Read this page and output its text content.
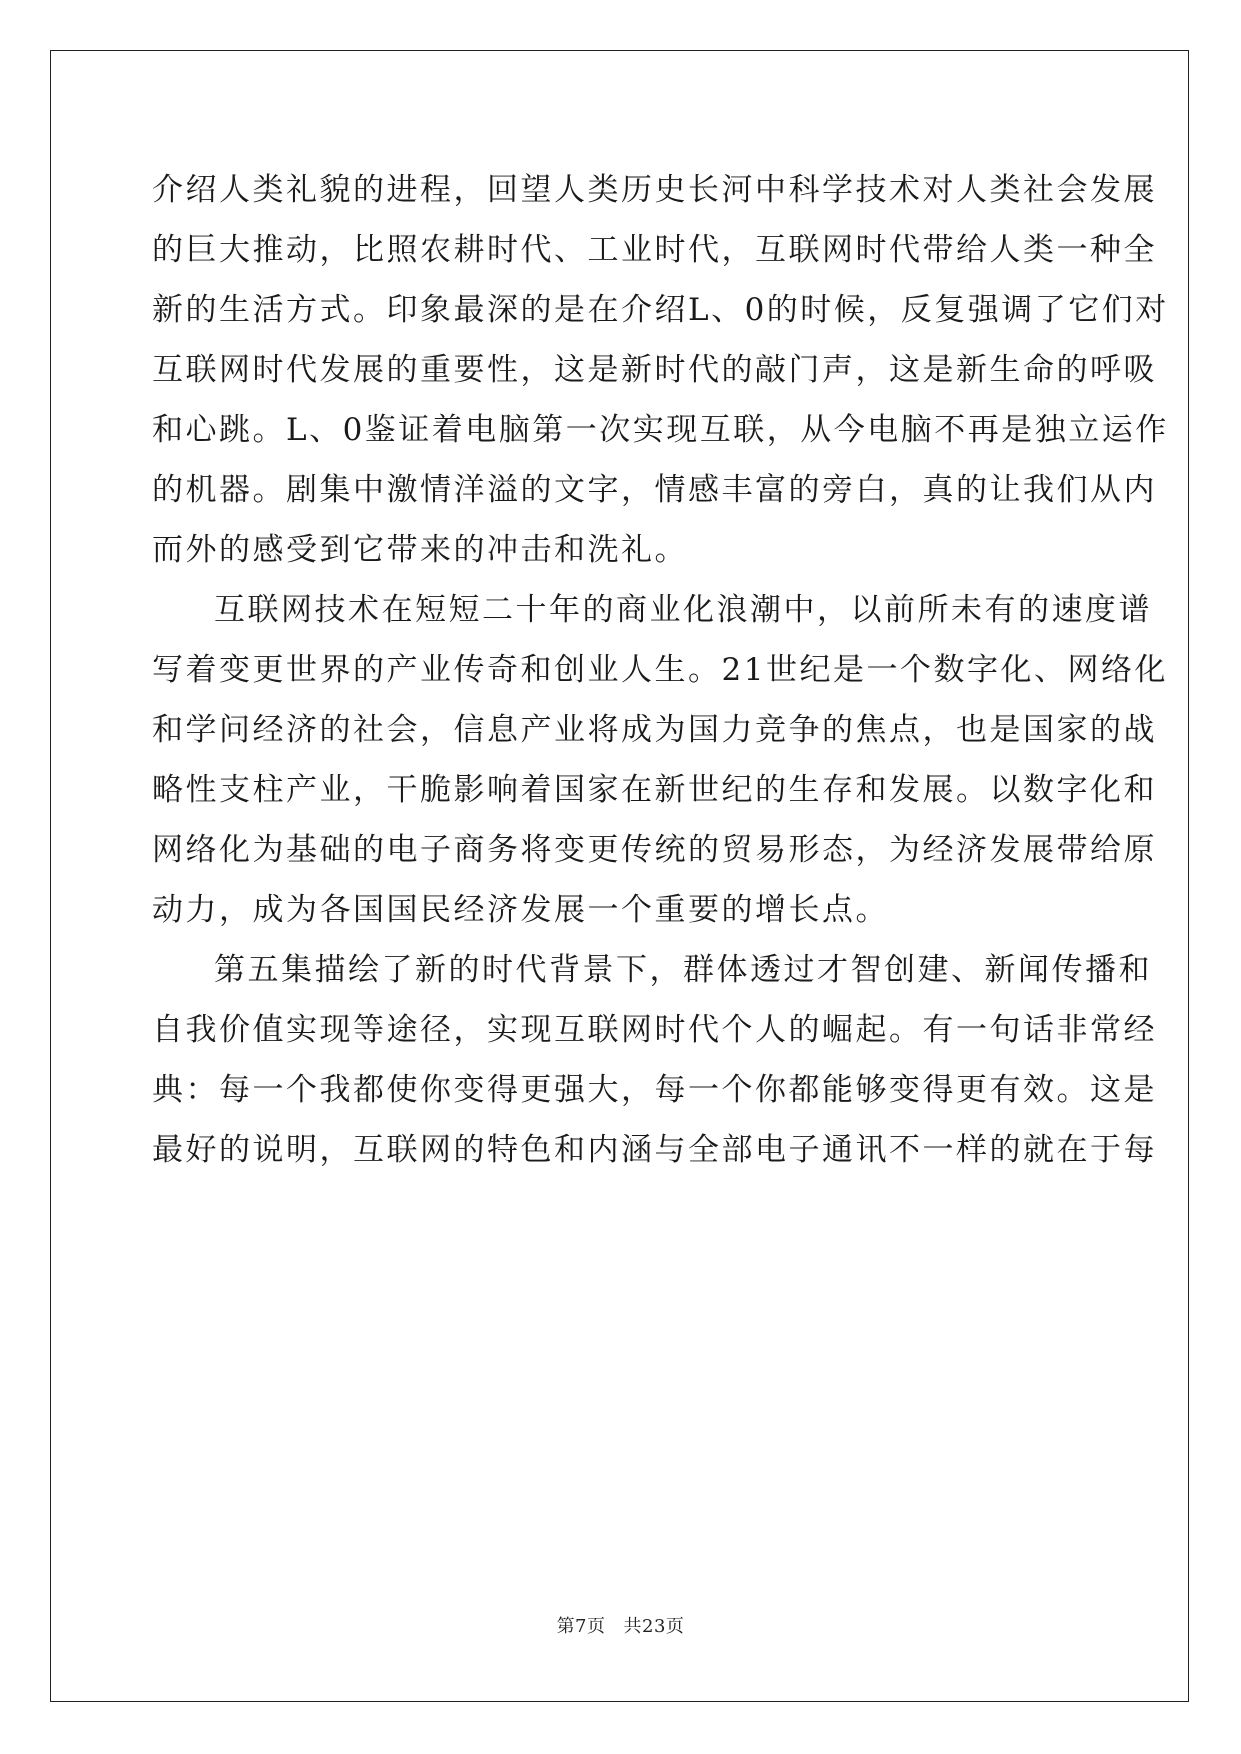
介绍人类礼貌的进程，回望人类历史长河中科学技术对人类社会发展
的巨大推动，比照农耕时代、工业时代，互联网时代带给人类一种全
新的生活方式。印象最深的是在介绍L、0的时候，反复强调了它们对
互联网时代发展的重要性，这是新时代的敲门声，这是新生命的呼吸
和心跳。L、0鉴证着电脑第一次实现互联，从今电脑不再是独立运作
的机器。剧集中激情洋溢的文字，情感丰富的旁白，真的让我们从内
而外的感受到它带来的冲击和洗礼。
互联网技术在短短二十年的商业化浪潮中，以前所未有的速度谱
写着变更世界的产业传奇和创业人生。21世纪是一个数字化、网络化
和学问经济的社会，信息产业将成为国力竞争的焦点，也是国家的战
略性支柱产业，干脆影响着国家在新世纪的生存和发展。以数字化和
网络化为基础的电子商务将变更传统的贸易形态，为经济发展带给原
动力，成为各国国民经济发展一个重要的增长点。
第五集描绘了新的时代背景下，群体透过才智创建、新闻传播和
自我价值实现等途径，实现互联网时代个人的崛起。有一句话非常经
典：每一个我都使你变得更强大，每一个你都能够变得更有效。这是
最好的说明，互联网的特色和内涵与全部电子通讯不一样的就在于每
第7页 共23页
